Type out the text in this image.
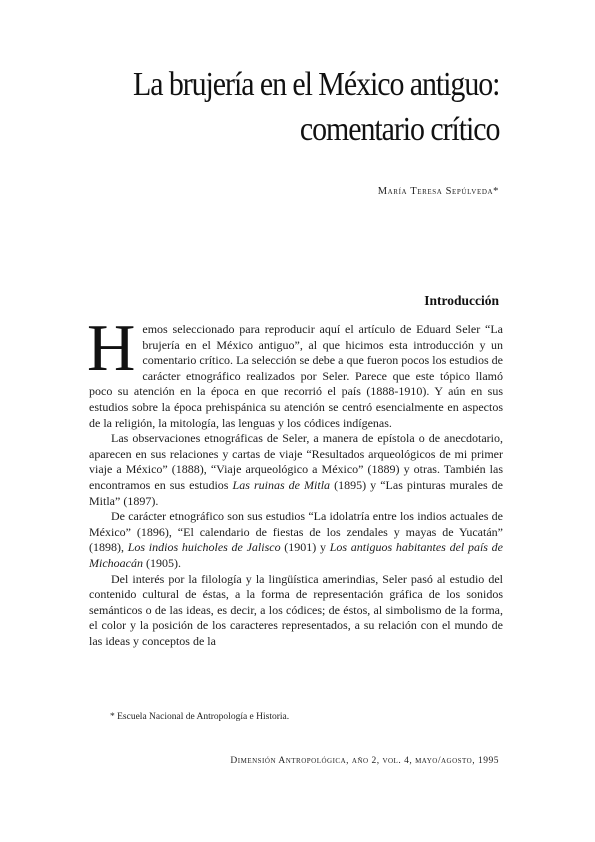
La brujería en el México antiguo:
comentario crítico
María Teresa Sepúlveda*
Introducción

Hemos seleccionado para reproducir aquí el artículo de Eduard Seler “La brujería en el México antiguo”, al que hicimos esta introducción y un comentario crítico. La selección se debe a que fueron pocos los estudios de carácter etnográfico realizados por Seler. Parece que este tópico llamó poco su atención en la época en que recorrió el país (1888-1910). Y aún en sus estudios sobre la época prehispánica su atención se centró esencialmente en aspectos de la religión, la mitología, las lenguas y los códices indígenas.

Las observaciones etnográficas de Seler, a manera de epístola o de anecdotario, aparecen en sus relaciones y cartas de viaje “Resultados arqueológicos de mi primer viaje a México” (1888), “Viaje arqueológico a México” (1889) y otras. También las encontramos en sus estudios Las ruinas de Mitla (1895) y “Las pinturas murales de Mitla” (1897).

De carácter etnográfico son sus estudios “La idolatría entre los indios actuales de México” (1896), “El calendario de fiestas de los zendales y mayas de Yucatán” (1898), Los indios huicholes de Jalisco (1901) y Los antiguos habitantes del país de Michoacán (1905).

Del interés por la filología y la lingüística amerindias, Seler pasó al estudio del contenido cultural de éstas, a la forma de representación gráfica de los sonidos semánticos o de las ideas, es decir, a los códices; de éstos, al simbolismo de la forma, el color y la posición de los caracteres representados, a su relación con el mundo de las ideas y conceptos de la

* Escuela Nacional de Antropología e Historia.
Dimensión Antropológica, año 2, vol. 4, mayo/agosto, 1995
